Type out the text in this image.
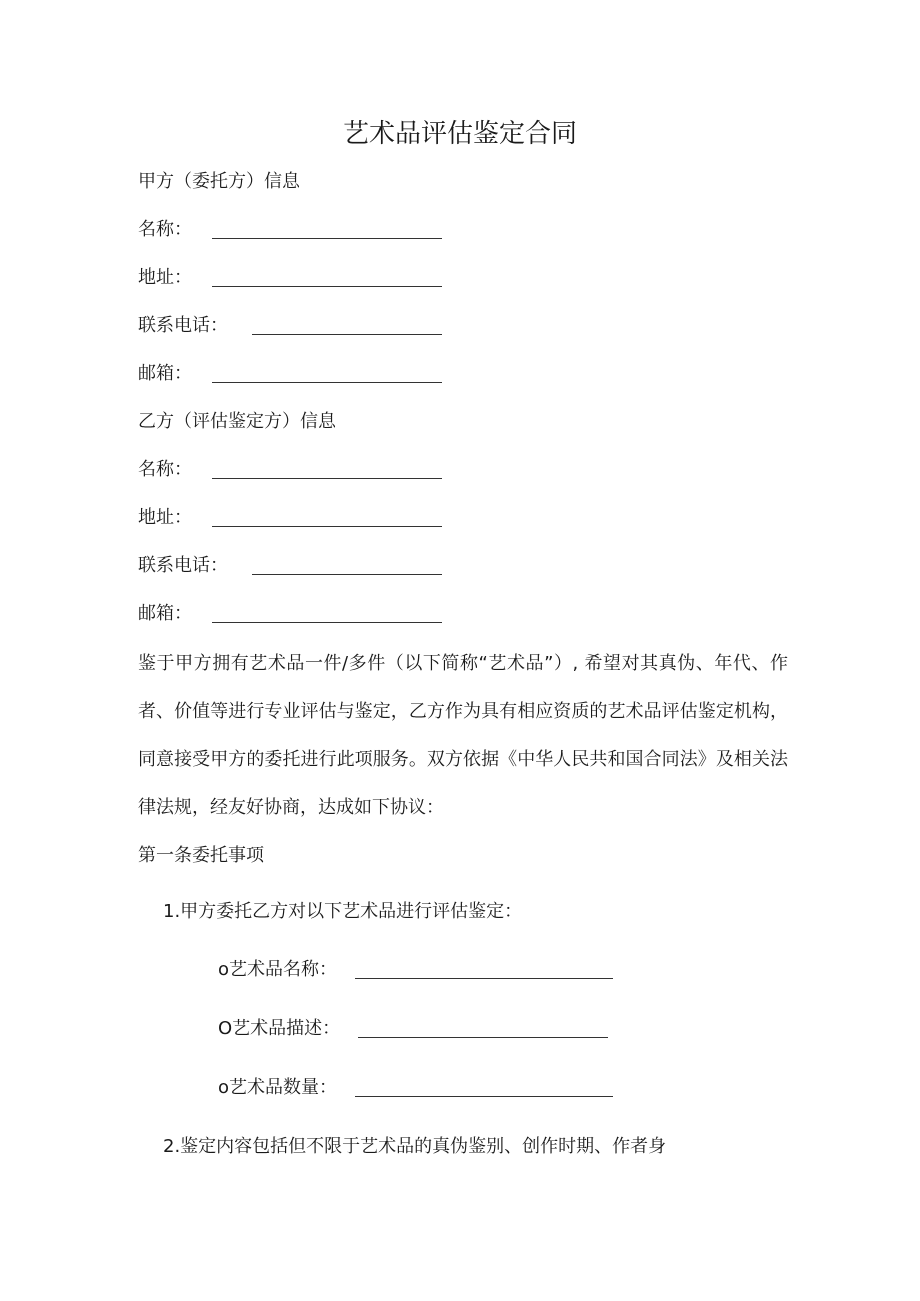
艺术品评估鉴定合同
甲方（委托方）信息
名称：
地址：
联系电话：
邮箱：
乙方（评估鉴定方）信息
名称：
地址：
联系电话：
邮箱：
鉴于甲方拥有艺术品一件/多件（以下简称“艺术品”）, 希望对其真伪、年代、作者、价值等进行专业评估与鉴定，乙方作为具有相应资质的艺术品评估鉴定机构，同意接受甲方的委托进行此项服务。双方依据《中华人民共和国合同法》及相关法律法规，经友好协商，达成如下协议：
第一条委托事项
1.甲方委托乙方对以下艺术品进行评估鉴定：
o艺术品名称：
O艺术品描述：
o艺术品数量：
2.鉴定内容包括但不限于艺术品的真伪鉴别、创作时期、作者身
